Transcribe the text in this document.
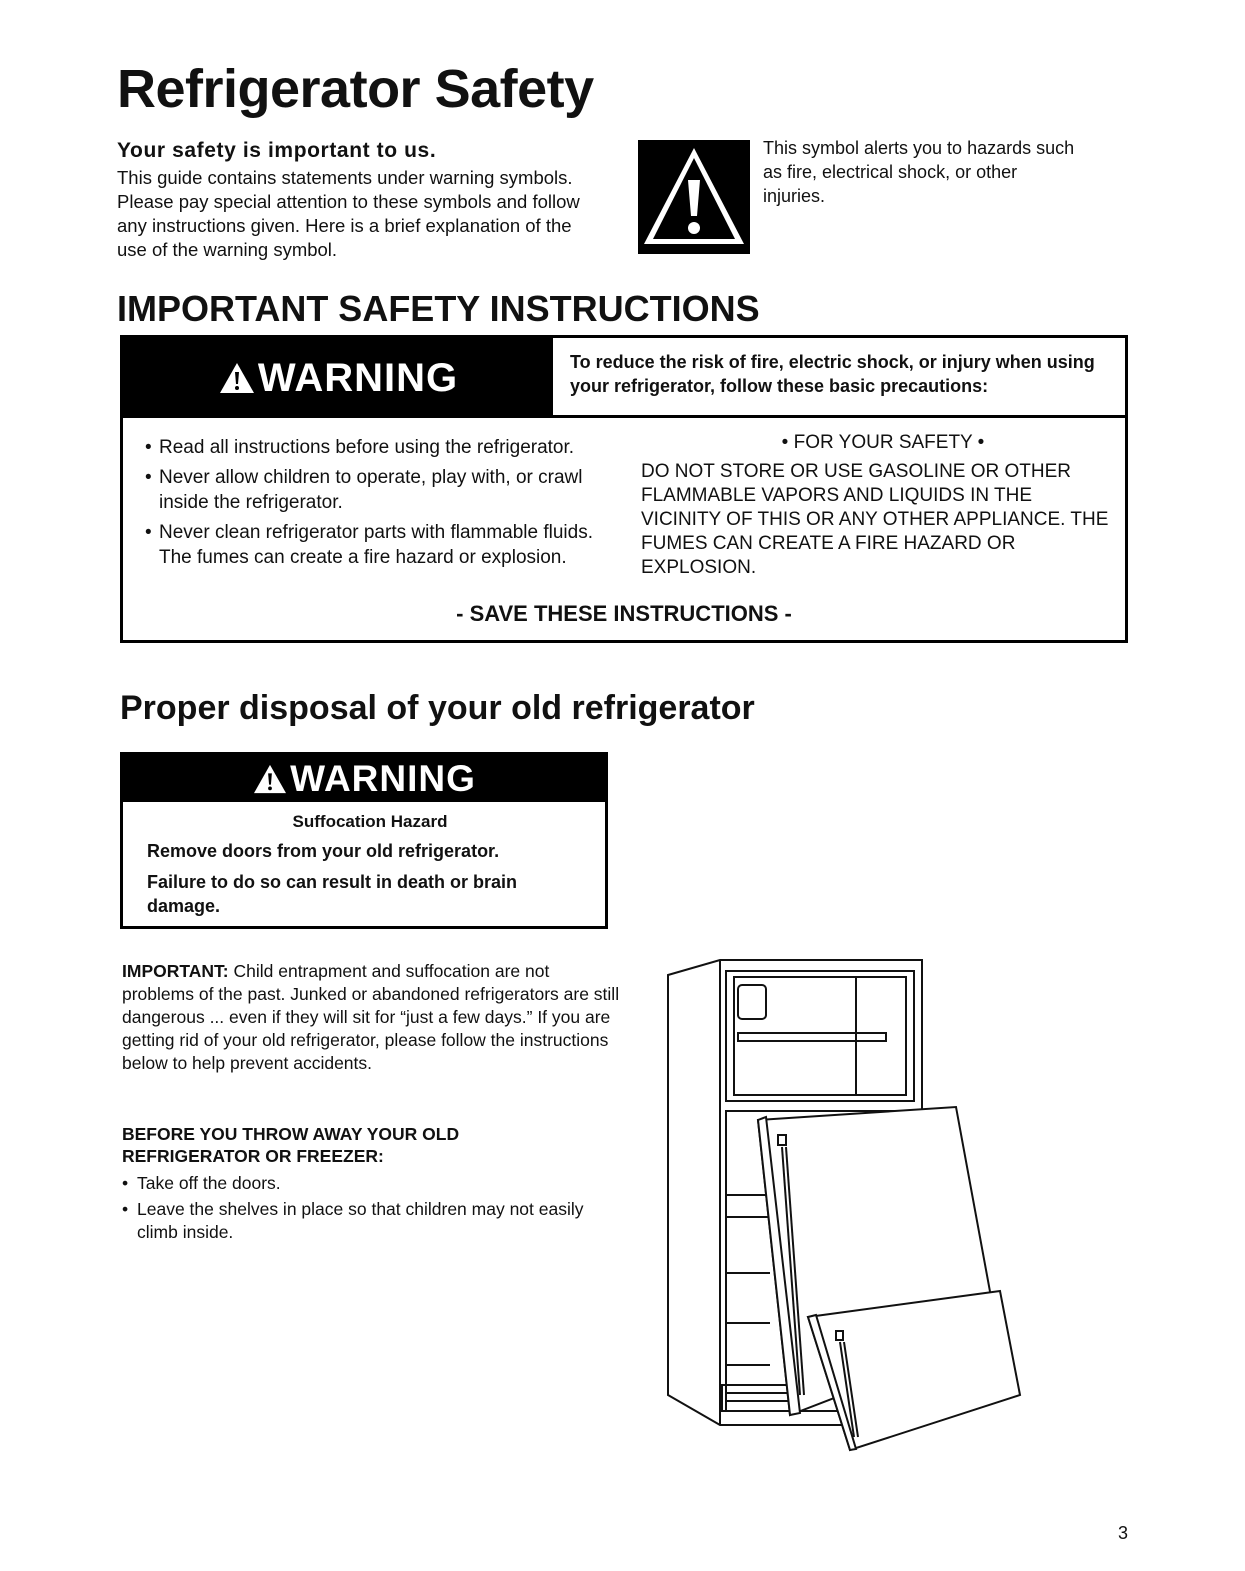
Refrigerator Safety
Your safety is important to us.
This guide contains statements under warning symbols. Please pay special attention to these symbols and follow any instructions given. Here is a brief explanation of the use of the warning symbol.
This symbol alerts you to hazards such as fire, electrical shock, or other injuries.
IMPORTANT SAFETY INSTRUCTIONS
WARNING	To reduce the risk of fire, electric shock, or injury when using your refrigerator, follow these basic precautions:
• Read all instructions before using the refrigerator.
• Never allow children to operate, play with, or crawl inside the refrigerator.
• Never clean refrigerator parts with flammable fluids. The fumes can create a fire hazard or explosion.
• FOR YOUR SAFETY •
DO NOT STORE OR USE GASOLINE OR OTHER FLAMMABLE VAPORS AND LIQUIDS IN THE VICINITY OF THIS OR ANY OTHER APPLIANCE. THE FUMES CAN CREATE A FIRE HAZARD OR EXPLOSION.
- SAVE THESE INSTRUCTIONS -
Proper disposal of your old refrigerator
WARNING
Suffocation Hazard
Remove doors from your old refrigerator.
Failure to do so can result in death or brain damage.
IMPORTANT: Child entrapment and suffocation are not problems of the past. Junked or abandoned refrigerators are still dangerous ... even if they will sit for “just a few days.” If you are getting rid of your old refrigerator, please follow the instructions below to help prevent accidents.
BEFORE YOU THROW AWAY YOUR OLD REFRIGERATOR OR FREEZER:
• Take off the doors.
• Leave the shelves in place so that children may not easily climb inside.
3
